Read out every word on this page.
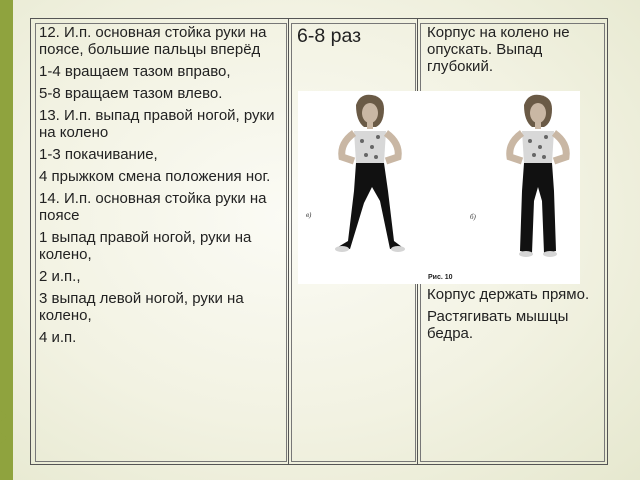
12. И.п. основная стойка руки на поясе, большие пальцы вперёд

1-4 вращаем тазом вправо,

5-8 вращаем тазом влево.

13. И.п. выпад правой ногой, руки на колено

1-3 покачивание,

4 прыжком смена положения ног.

14. И.п. основная стойка руки на поясе

1 выпад правой ногой, руки на колено,

2 и.п.,

3 выпад левой ногой, руки на колено,

4 и.п.

6-8 раз	Корпус на колено не опускать. Выпад глубокий.

Корпус держать прямо.

Растягивать мышцы бедра.

в)	б)
Рис. 10
